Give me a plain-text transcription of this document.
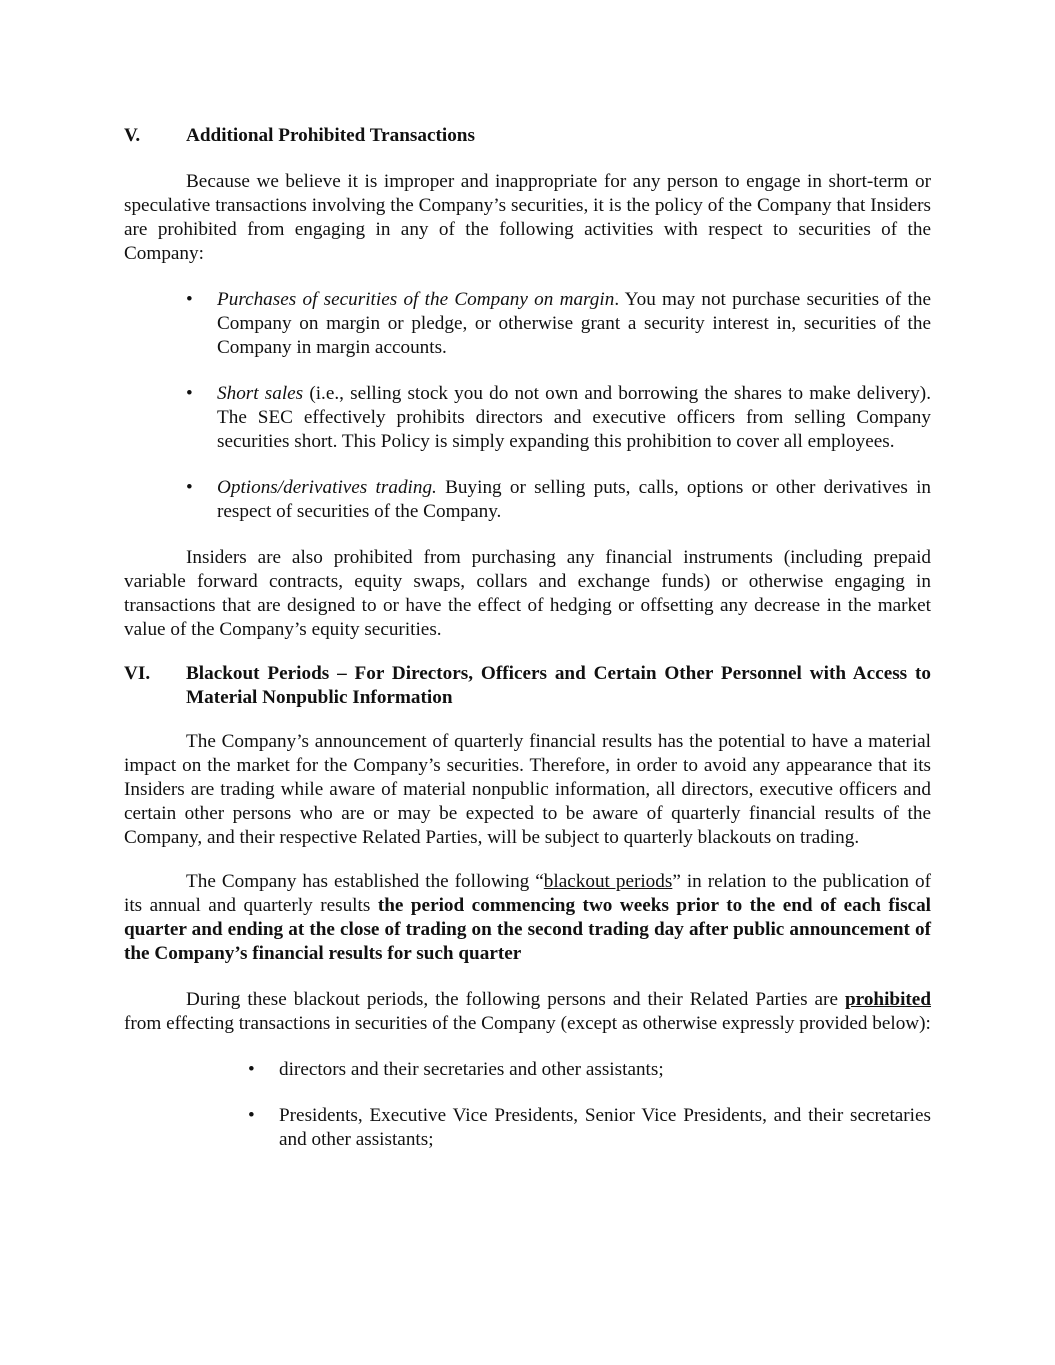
V.	Additional Prohibited Transactions

Because we believe it is improper and inappropriate for any person to engage in short-term or speculative transactions involving the Company’s securities, it is the policy of the Company that Insiders are prohibited from engaging in any of the following activities with respect to securities of the Company:

• Purchases of securities of the Company on margin. You may not purchase securities of the Company on margin or pledge, or otherwise grant a security interest in, securities of the Company in margin accounts.
• Short sales (i.e., selling stock you do not own and borrowing the shares to make delivery). The SEC effectively prohibits directors and executive officers from selling Company securities short. This Policy is simply expanding this prohibition to cover all employees.
• Options/derivatives trading. Buying or selling puts, calls, options or other derivatives in respect of securities of the Company.

Insiders are also prohibited from purchasing any financial instruments (including prepaid variable forward contracts, equity swaps, collars and exchange funds) or otherwise engaging in transactions that are designed to or have the effect of hedging or offsetting any decrease in the market value of the Company’s equity securities.

VI.	Blackout Periods – For Directors, Officers and Certain Other Personnel with Access to Material Nonpublic Information

The Company’s announcement of quarterly financial results has the potential to have a material impact on the market for the Company’s securities. Therefore, in order to avoid any appearance that its Insiders are trading while aware of material nonpublic information, all directors, executive officers and certain other persons who are or may be expected to be aware of quarterly financial results of the Company, and their respective Related Parties, will be subject to quarterly blackouts on trading.

The Company has established the following “blackout periods” in relation to the publication of its annual and quarterly results the period commencing two weeks prior to the end of each fiscal quarter and ending at the close of trading on the second trading day after public announcement of the Company’s financial results for such quarter

During these blackout periods, the following persons and their Related Parties are prohibited from effecting transactions in securities of the Company (except as otherwise expressly provided below):

• directors and their secretaries and other assistants;
• Presidents, Executive Vice Presidents, Senior Vice Presidents, and their secretaries and other assistants;
